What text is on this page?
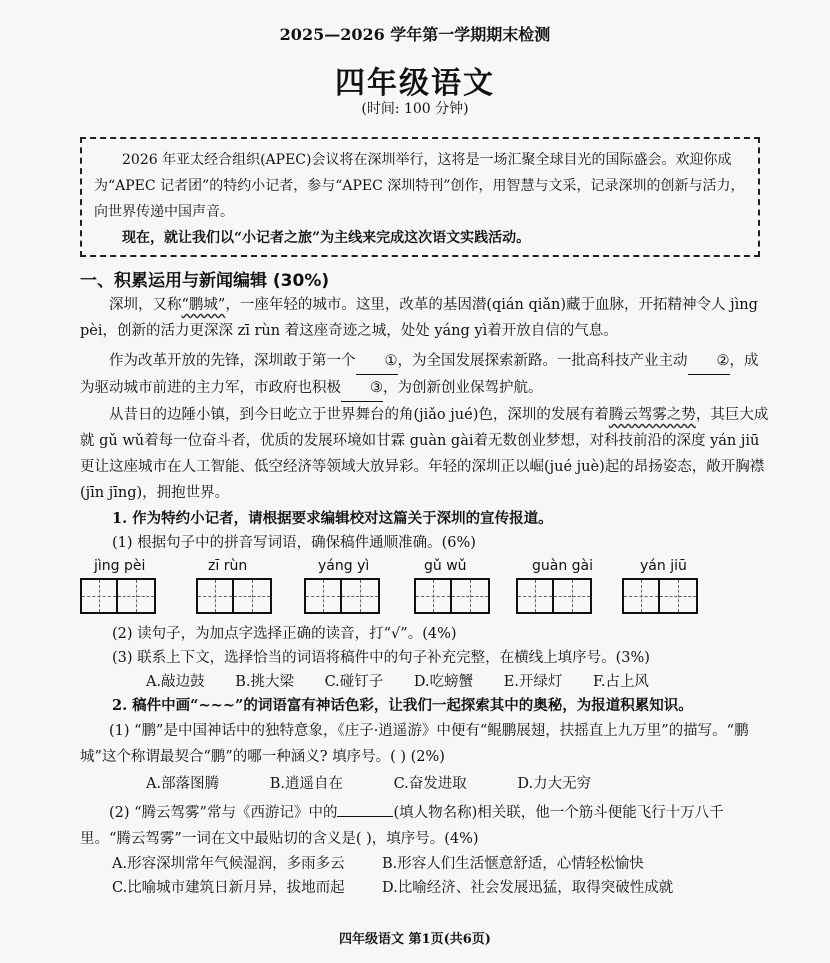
2025—2026 学年第一学期期末检测
四年级语文
(时间: 100 分钟)

2026 年亚太经合组织(APEC)会议将在深圳举行，这将是一场汇聚全球目光的国际盛会。欢迎你成为“APEC 记者团”的特约小记者，参与“APEC 深圳特刊”创作，用智慧与文采，记录深圳的创新与活力，向世界传递中国声音。

现在，就让我们以“小记者之旅”为主线来完成这次语文实践活动。

一、积累运用与新闻编辑 (30%)

深圳，又称“鹏城”，一座年轻的城市。这里，改革的基因潜(qián qiǎn)藏于血脉，开拓精神令人 jìng pèi，创新的活力更深深 zī rùn 着这座奇迹之城，处处 yáng yì着开放自信的气息。

作为改革开放的先锋，深圳敢于第一个 ①，为全国发展探索新路。一批高科技产业主动 ②，成为驱动城市前进的主力军，市政府也积极 ③，为创新创业保驾护航。

从昔日的边陲小镇，到今日屹立于世界舞台的角(jiǎo jué)色，深圳的发展有着腾云驾雾之势，其巨大成就 gǔ wǔ着每一位奋斗者，优质的发展环境如甘霖 guàn gài着无数创业梦想，对科技前沿的深度 yán jiū更让这座城市在人工智能、低空经济等领域大放异彩。年轻的深圳正以崛(jué juè)起的昂扬姿态，敞开胸襟(jīn jīng)，拥抱世界。

1. 作为特约小记者，请根据要求编辑校对这篇关于深圳的宣传报道。
(1) 根据句子中的拼音写词语，确保稿件通顺准确。(6%)
jìng pèi	zī rùn	yáng yì	gǔ wǔ	guàn gài	yán jiū
(2) 读句子，为加点字选择正确的读音，打“√”。(4%)
(3) 联系上下文，选择恰当的词语将稿件中的句子补充完整，在横线上填序号。(3%)
A.敲边鼓 B.挑大梁 C.碰钉子 D.吃螃蟹 E.开绿灯 F.占上风
2. 稿件中画“~~~”的词语富有神话色彩，让我们一起探索其中的奥秘，为报道积累知识。
(1) “鹏”是中国神话中的独特意象，《庄子·逍遥游》中便有“鲲鹏展翅，扶摇直上九万里”的描写。“鹏城”这个称谓最契合“鹏”的哪一种涵义? 填序号。( ) (2%)
A.部落图腾	B.逍遥自在	C.奋发进取	D.力大无穷
(2) “腾云驾雾”常与《西游记》中的	(填人物名称)相关联，他一个筋斗便能飞行十万八千里。“腾云驾雾”一词在文中最贴切的含义是( )，填序号。(4%)
A.形容深圳常年气候湿润，多雨多云	B.形容人们生活惬意舒适，心情轻松愉快
C.比喻城市建筑日新月异，拔地而起	D.比喻经济、社会发展迅猛，取得突破性成就
四年级语文 第1页(共6页)
